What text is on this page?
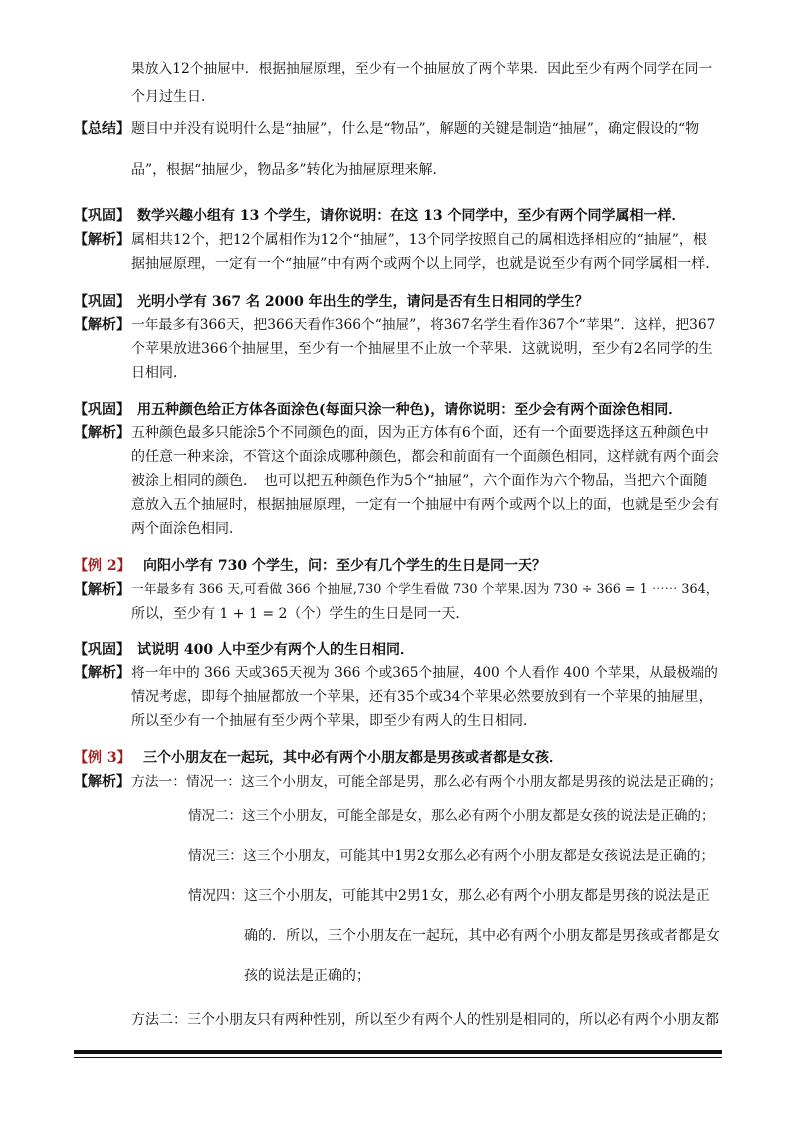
果放入12个抽屉中．根据抽屉原理，至少有一个抽屉放了两个苹果．因此至少有两个同学在同一
个月过生日．
【总结】 题目中并没有说明什么是“抽屉”，什么是“物品”，解题的关键是制造“抽屉”，确定假设的“物
品”，根据“抽屉少，物品多”转化为抽屉原理来解．
【巩固】 数学兴趣小组有 13 个学生，请你说明：在这 13 个同学中，至少有两个同学属相一样．
【解析】 属相共12个，把12个属相作为12个“抽屉”，13个同学按照自己的属相选择相应的“抽屉”，根
据抽屉原理，一定有一个“抽屉”中有两个或两个以上同学，也就是说至少有两个同学属相一样．
【巩固】 光明小学有 367 名 2000 年出生的学生，请问是否有生日相同的学生？
【解析】 一年最多有366天，把366天看作366个“抽屉”，将367名学生看作367个“苹果”．这样，把367
个苹果放进366个抽屉里，至少有一个抽屉里不止放一个苹果．这就说明，至少有2名同学的生
日相同．
【巩固】 用五种颜色给正方体各面涂色(每面只涂一种色)，请你说明：至少会有两个面涂色相同．
【解析】 五种颜色最多只能涂5个不同颜色的面，因为正方体有6个面，还有一个面要选择这五种颜色中
的任意一种来涂，不管这个面涂成哪种颜色，都会和前面有一个面颜色相同，这样就有两个面会
被涂上相同的颜色．　也可以把五种颜色作为5个“抽屉”，六个面作为六个物品，当把六个面随
意放入五个抽屉时，根据抽屉原理，一定有一个抽屉中有两个或两个以上的面，也就是至少会有
两个面涂色相同．
【例 2】 向阳小学有 730 个学生，问：至少有几个学生的生日是同一天？
【解析】 一年最多有 366 天,可看做 366 个抽屉,730 个学生看做 730 个苹果.因为 730 ÷ 366 = 1 ⋯⋯ 364，
所以，至少有 1 + 1 = 2（个）学生的生日是同一天．
【巩固】 试说明 400 人中至少有两个人的生日相同．
【解析】 将一年中的 366 天或365天视为 366 个或365个抽屉，400 个人看作 400 个苹果，从最极端的
情况考虑，即每个抽屉都放一个苹果，还有35个或34个苹果必然要放到有一个苹果的抽屉里，
所以至少有一个抽屉有至少两个苹果，即至少有两人的生日相同．
【例 3】 三个小朋友在一起玩，其中必有两个小朋友都是男孩或者都是女孩．
【解析】 方法一：情况一：这三个小朋友，可能全部是男，那么必有两个小朋友都是男孩的说法是正确的；
情况二：这三个小朋友，可能全部是女，那么必有两个小朋友都是女孩的说法是正确的；
情况三：这三个小朋友，可能其中1男2女那么必有两个小朋友都是女孩说法是正确的；
情况四：这三个小朋友，可能其中2男1女，那么必有两个小朋友都是男孩的说法是正
确的．所以，三个小朋友在一起玩，其中必有两个小朋友都是男孩或者都是女
孩的说法是正确的；
方法二：三个小朋友只有两种性别，所以至少有两个人的性别是相同的，所以必有两个小朋友都
